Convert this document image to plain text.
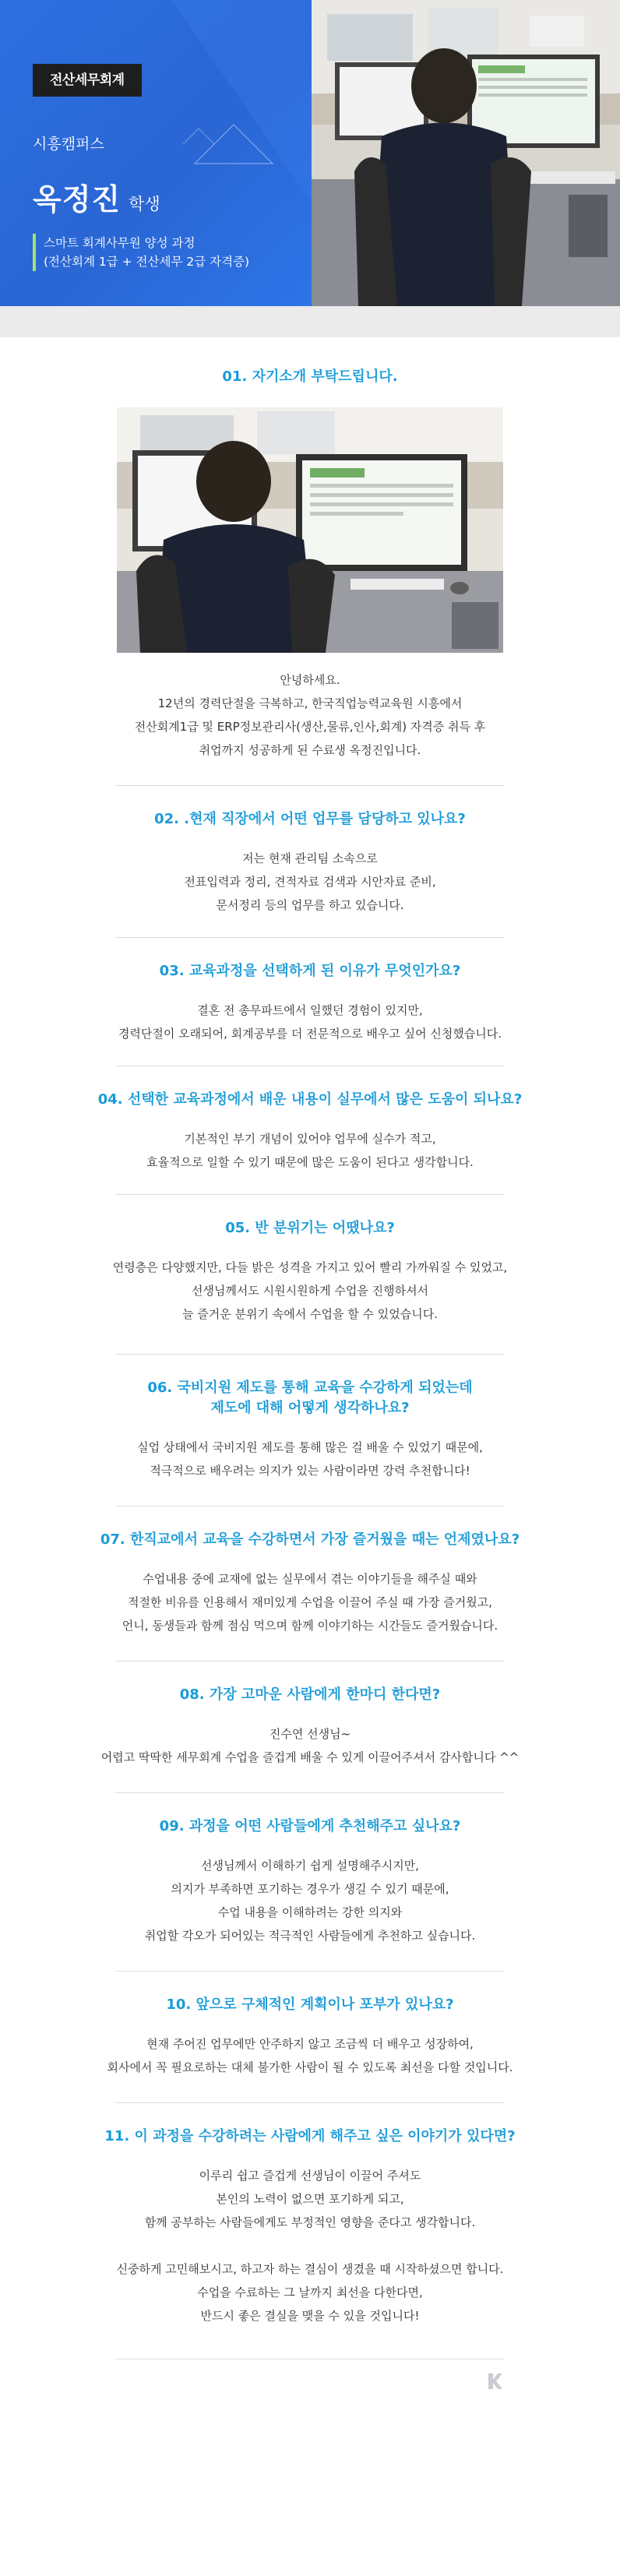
전산세무회계
시흥캠퍼스
옥정진 학생
스마트 회계사무원 양성 과정
(전산회계 1급 + 전산세무 2급 자격증)
01. 자기소개 부탁드립니다.

안녕하세요.

12년의 경력단절을 극복하고, 한국직업능력교육원 시흥에서

전산회계1급 및 ERP정보관리사(생산,물류,인사,회계) 자격증 취득 후

취업까지 성공하게 된 수료생 옥정진입니다.

02. .현재 직장에서 어떤 업무를 담당하고 있나요?

저는 현재 관리팀 소속으로

전표입력과 정리, 견적자료 검색과 시안자료 준비,

문서정리 등의 업무를 하고 있습니다.

03. 교육과정을 선택하게 된 이유가 무엇인가요?

결혼 전 총무파트에서 일했던 경험이 있지만,

경력단절이 오래되어, 회계공부를 더 전문적으로 배우고 싶어 신청했습니다.

04. 선택한 교육과정에서 배운 내용이 실무에서 많은 도움이 되나요?

기본적인 부기 개념이 있어야 업무에 실수가 적고,

효율적으로 일할 수 있기 때문에 많은 도움이 된다고 생각합니다.

05. 반 분위기는 어땠나요?

연령층은 다양했지만, 다들 밝은 성격을 가지고 있어 빨리 가까워질 수 있었고,

선생님께서도 시원시원하게 수업을 진행하셔서

늘 즐거운 분위기 속에서 수업을 할 수 있었습니다.

06. 국비지원 제도를 통해 교육을 수강하게 되었는데
제도에 대해 어떻게 생각하나요?

실업 상태에서 국비지원 제도를 통해 많은 걸 배울 수 있었기 때문에,

적극적으로 배우려는 의지가 있는 사람이라면 강력 추천합니다!

07. 한직교에서 교육을 수강하면서 가장 즐거웠을 때는 언제였나요?

수업내용 중에 교재에 없는 실무에서 겪는 이야기들을 해주실 때와

적절한 비유를 인용해서 재미있게 수업을 이끌어 주실 때 가장 즐거웠고,

언니, 동생들과 함께 점심 먹으며 함께 이야기하는 시간들도 즐거웠습니다.

08. 가장 고마운 사람에게 한마디 한다면?

진수연 선생님~

어렵고 딱딱한 세무회계 수업을 즐겁게 배울 수 있게 이끌어주셔서 감사합니다 ^^

09. 과정을 어떤 사람들에게 추천해주고 싶나요?

선생님께서 이해하기 쉽게 설명해주시지만,

의지가 부족하면 포기하는 경우가 생길 수 있기 때문에,

수업 내용을 이해하려는 강한 의지와

취업할 각오가 되어있는 적극적인 사람들에게 추천하고 싶습니다.

10. 앞으로 구체적인 계획이나 포부가 있나요?

현재 주어진 업무에만 안주하지 않고 조금씩 더 배우고 성장하여,

회사에서 꼭 필요로하는 대체 불가한 사람이 될 수 있도록 최선을 다할 것입니다.

11. 이 과정을 수강하려는 사람에게 해주고 싶은 이야기가 있다면?

이루리 쉽고 즐겁게 선생님이 이끌어 주셔도

본인의 노력이 없으면 포기하게 되고,

함께 공부하는 사람들에게도 부정적인 영향을 준다고 생각합니다.

신중하게 고민해보시고, 하고자 하는 결심이 생겼을 때 시작하셨으면 합니다.

수업을 수료하는 그 날까지 최선을 다한다면,

반드시 좋은 결실을 맺을 수 있을 것입니다!
